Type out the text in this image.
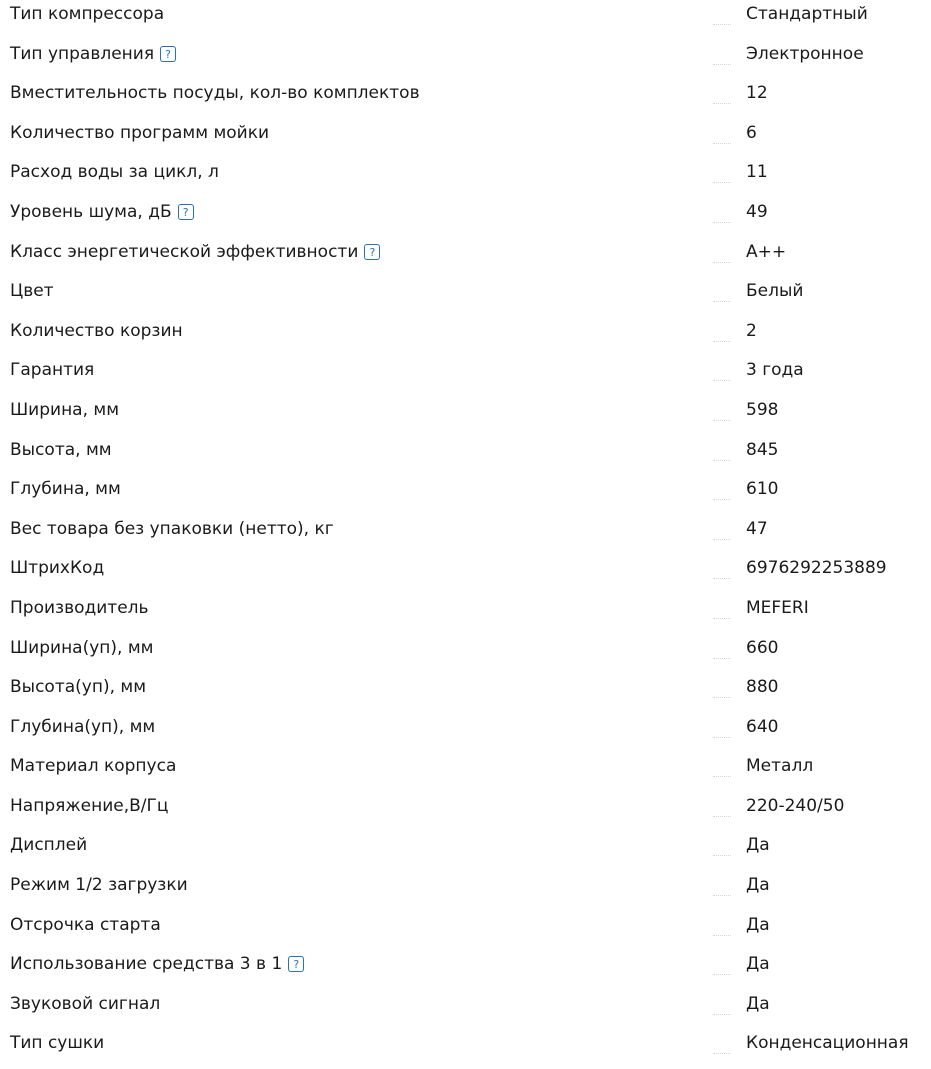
Тип компрессора	Стандартный
Тип управления	?	Электронное
Вместительность посуды, кол-во комплектов	12
Количество программ мойки	6
Расход воды за цикл, л	11
Уровень шума, дБ	?	49
Класс энергетической эффективности	?	A++
Цвет	Белый
Количество корзин	2
Гарантия	3 года
Ширина, мм	598
Высота, мм	845
Глубина, мм	610
Вес товара без упаковки (нетто), кг	47
ШтрихКод	6976292253889
Производитель	MEFERI
Ширина(уп), мм	660
Высота(уп), мм	880
Глубина(уп), мм	640
Материал корпуса	Металл
Напряжение,В/Гц	220-240/50
Дисплей	Да
Режим 1/2 загрузки	Да
Отсрочка старта	Да
Использование средства 3 в 1	?	Да
Звуковой сигнал	Да
Тип сушки	Конденсационная
